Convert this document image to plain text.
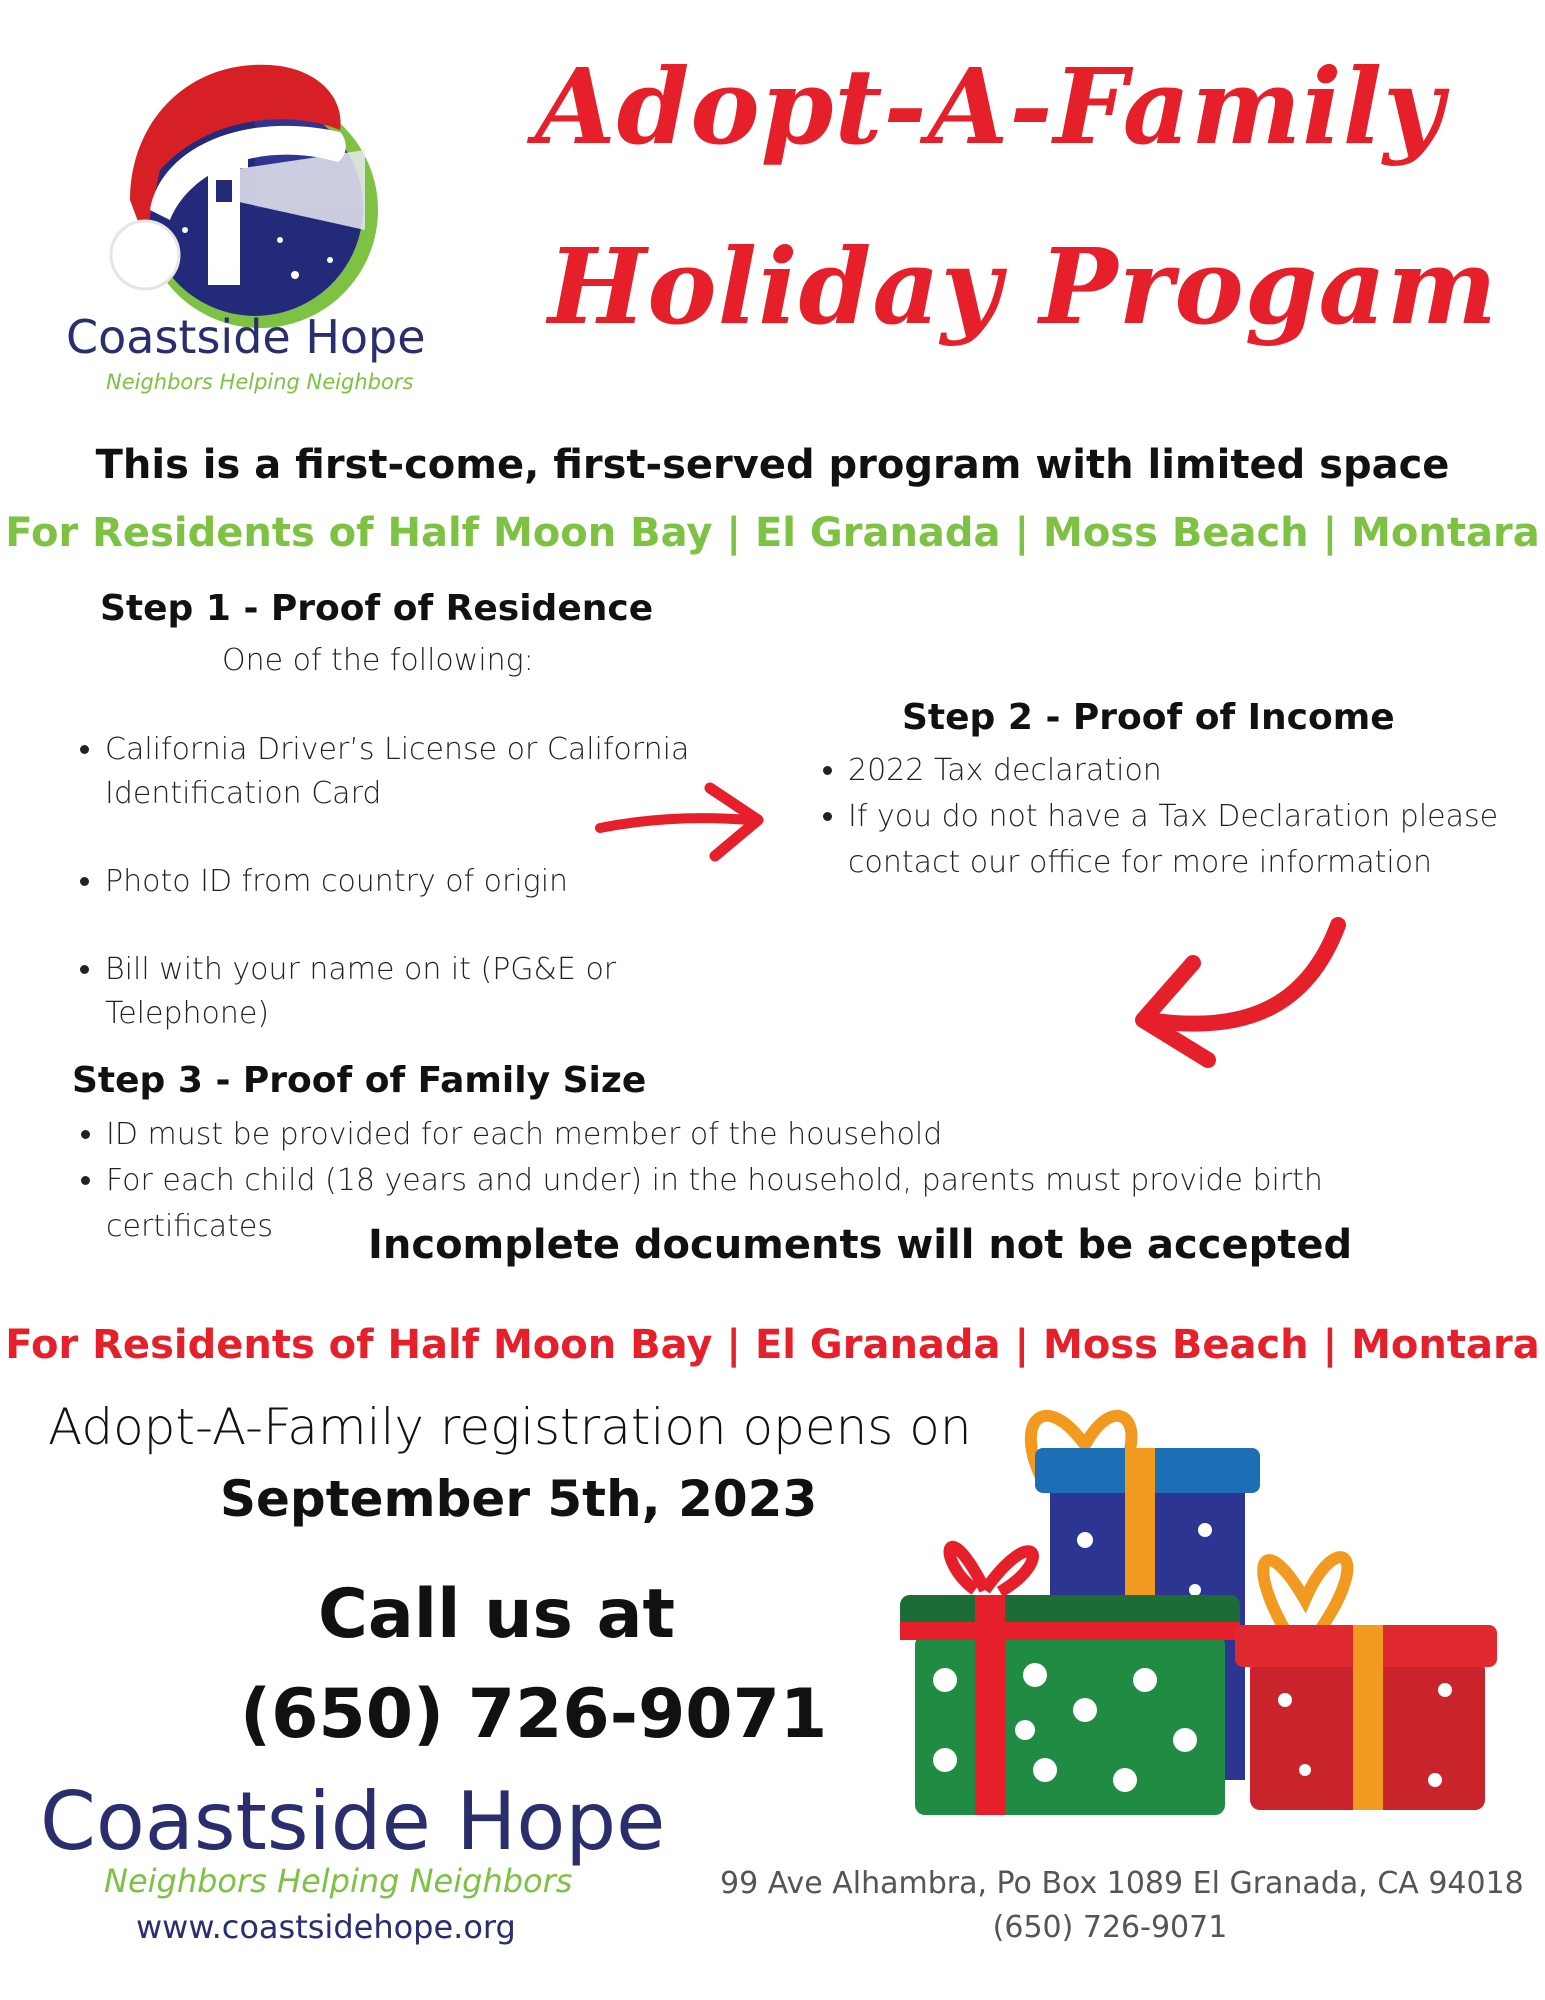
Coastside Hope
Neighbors Helping Neighbors
Adopt-A-Family
Holiday Progam
This is a first-come, first-served program with limited space
For Residents of Half Moon Bay | El Granada | Moss Beach | Montara
Step 1 - Proof of Residence
One of the following:
• California Driver’s License or California Identification Card
• Photo ID from country of origin
• Bill with your name on it (PG&E or Telephone)
Step 2 - Proof of Income
• 2022 Tax declaration
• If you do not have a Tax Declaration please contact our office for more information
Step 3 - Proof of Family Size
• ID must be provided for each member of the household
• For each child (18 years and under) in the household, parents must provide birth certificates	Incomplete documents will not be accepted
For Residents of Half Moon Bay | El Granada | Moss Beach | Montara
Adopt-A-Family registration opens on
September 5th, 2023
Call us at
(650) 726-9071
Coastside Hope
Neighbors Helping Neighbors
www.coastsidehope.org
99 Ave Alhambra, Po Box 1089 El Granada, CA 94018
(650) 726-9071
